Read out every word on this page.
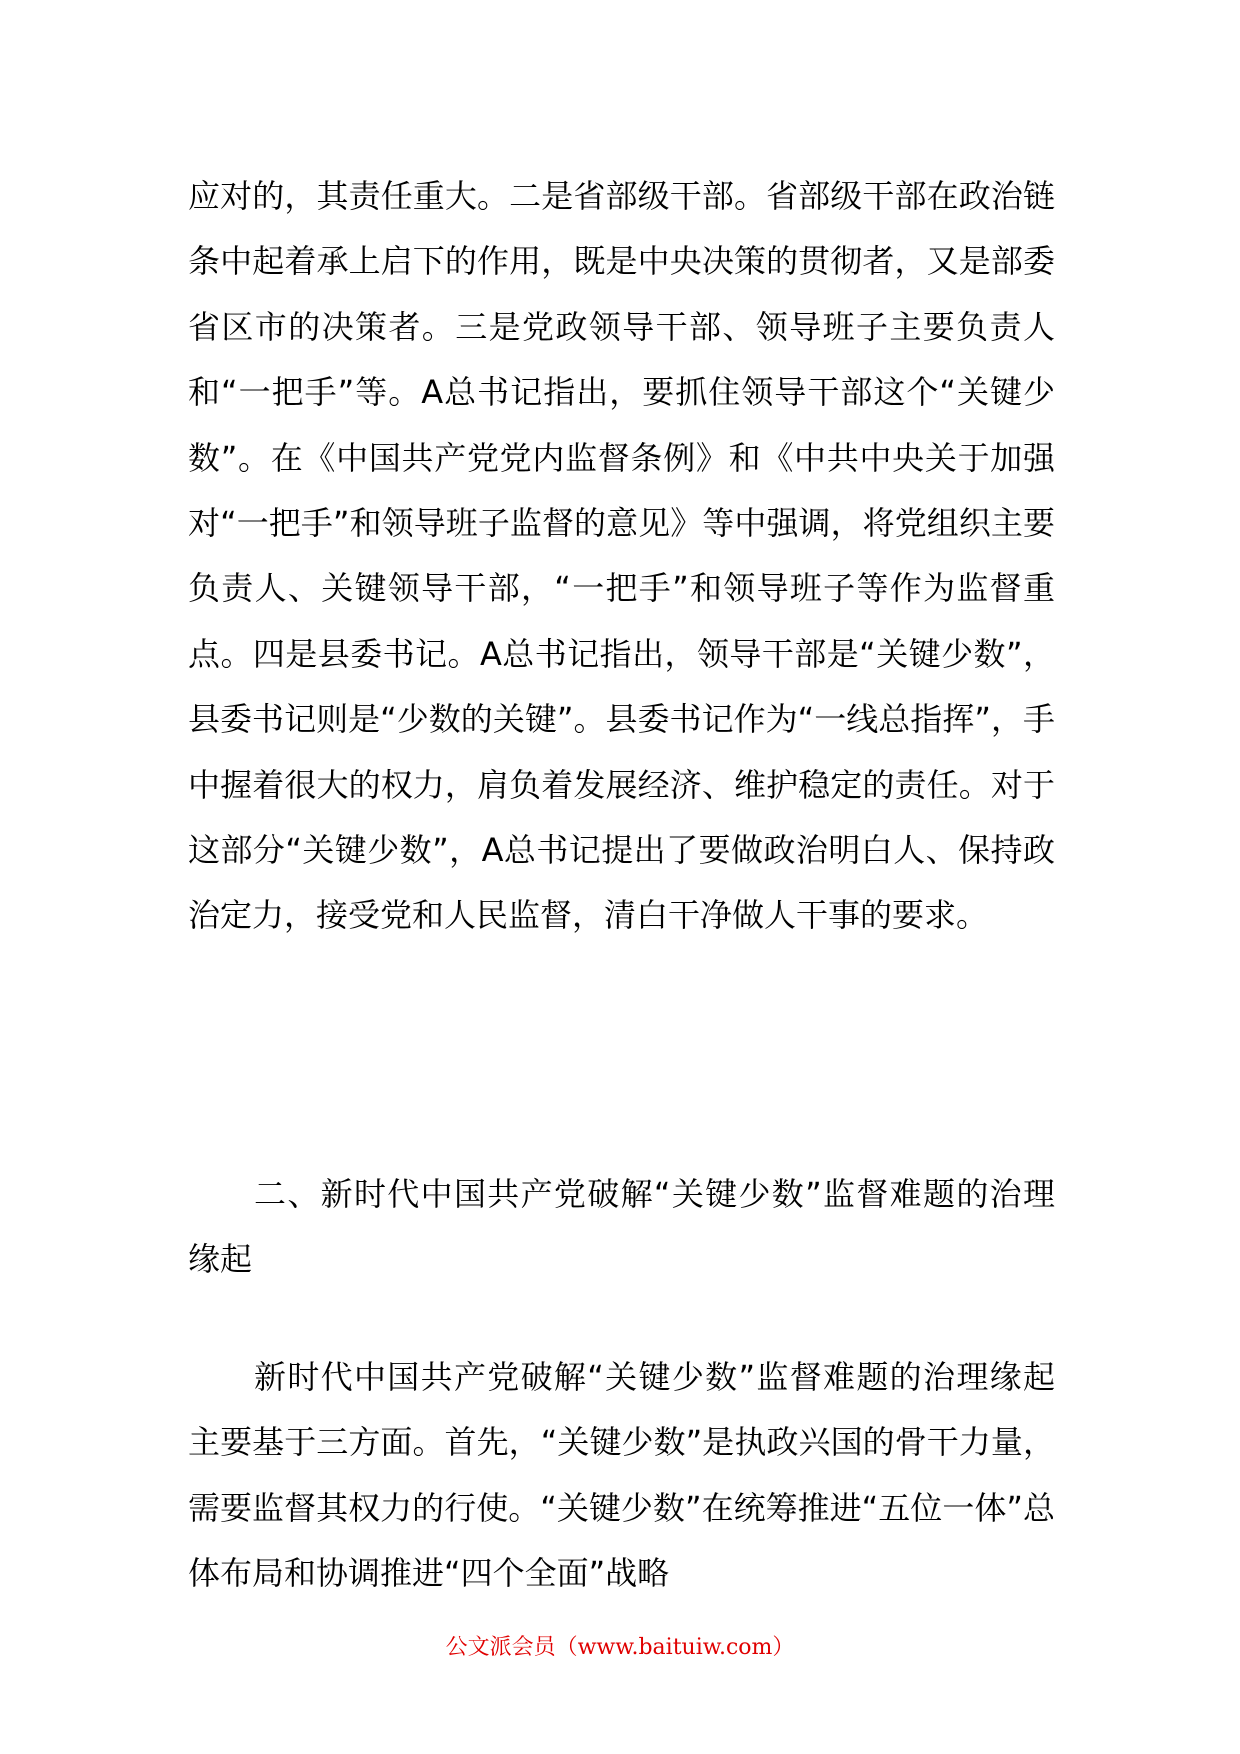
应对的，其责任重大。二是省部级干部。省部级干部在政治链条中起着承上启下的作用，既是中央决策的贯彻者，又是部委省区市的决策者。三是党政领导干部、领导班子主要负责人和“一把手”等。A总书记指出，要抓住领导干部这个“关键少数”。在《中国共产党党内监督条例》和《中共中央关于加强对“一把手”和领导班子监督的意见》等中强调，将党组织主要负责人、关键领导干部，“一把手”和领导班子等作为监督重点。四是县委书记。A总书记指出，领导干部是“关键少数”，县委书记则是“少数的关键”。县委书记作为“一线总指挥”，手中握着很大的权力，肩负着发展经济、维护稳定的责任。对于这部分“关键少数”，A总书记提出了要做政治明白人、保持政治定力，接受党和人民监督，清白干净做人干事的要求。
二、新时代中国共产党破解“关键少数”监督难题的治理缘起
新时代中国共产党破解“关键少数”监督难题的治理缘起主要基于三方面。首先，“关键少数”是执政兴国的骨干力量，需要监督其权力的行使。“关键少数”在统筹推进“五位一体”总体布局和协调推进“四个全面”战略
公文派会员（www.baituiw.com）
